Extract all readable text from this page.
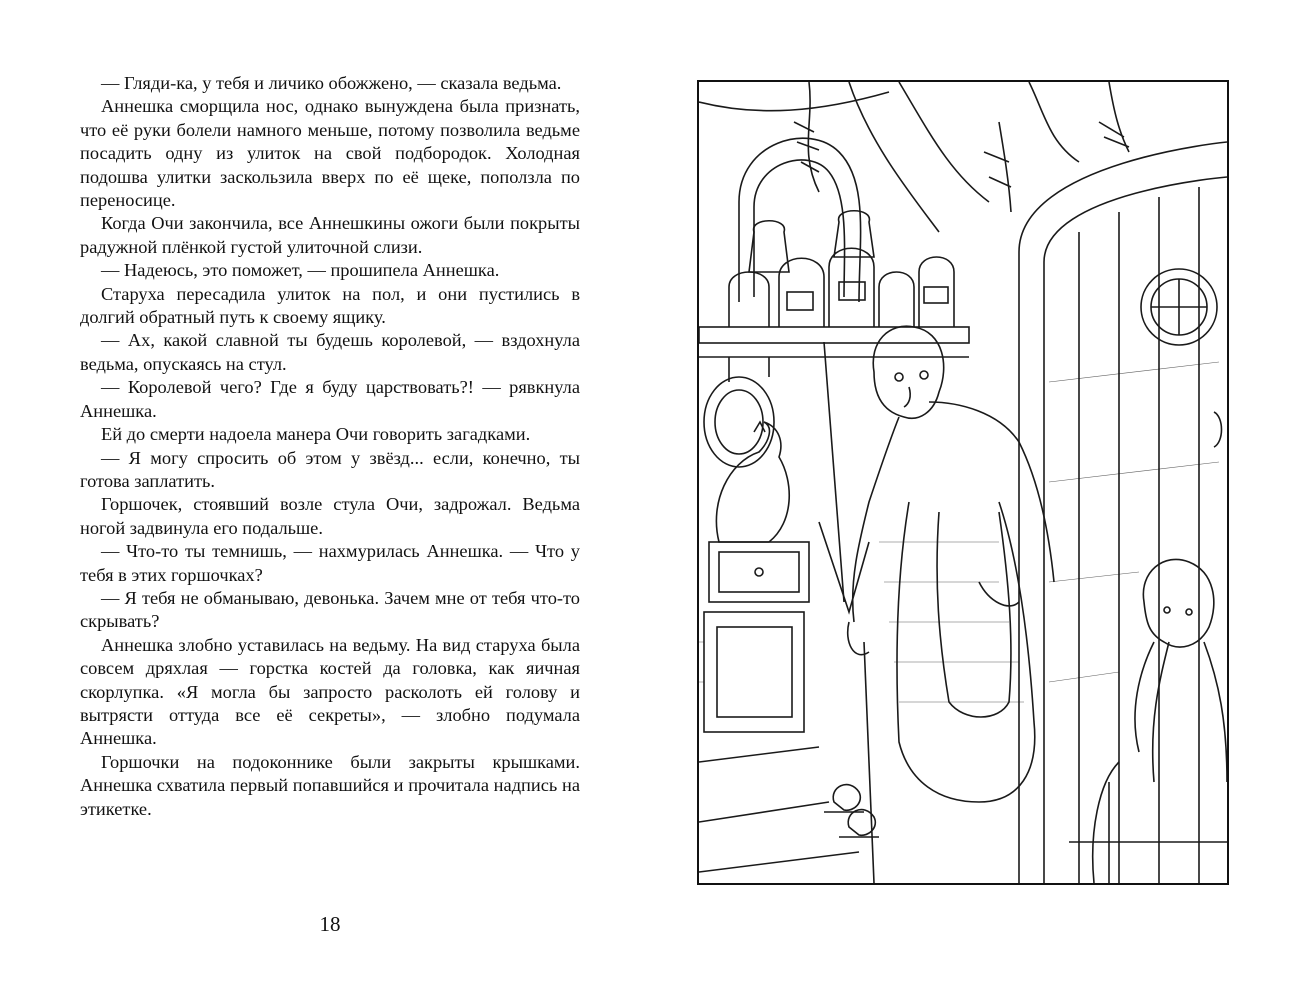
— Гляди-ка, у тебя и личико обожжено, — сказала ведьма.

Аннешка сморщила нос, однако вынуждена была признать, что её руки болели намного меньше, потому позволила ведьме посадить одну из улиток на свой подбородок. Холодная подошва улитки заскользила вверх по её щеке, поползла по переносице.

Когда Очи закончила, все Аннешкины ожоги были покрыты радужной плёнкой густой улиточной слизи.

— Надеюсь, это поможет, — прошипела Аннешка.

Старуха пересадила улиток на пол, и они пустились в долгий обратный путь к своему ящику.

— Ах, какой славной ты будешь королевой, — вздохнула ведьма, опускаясь на стул.

— Королевой чего? Где я буду царствовать?! — рявкнула Аннешка.

Ей до смерти надоела манера Очи говорить загадками.

— Я могу спросить об этом у звёзд... если, конечно, ты готова заплатить.

Горшочек, стоявший возле стула Очи, задрожал. Ведьма ногой задвинула его подальше.

— Что-то ты темнишь, — нахмурилась Аннешка. — Что у тебя в этих горшочках?

— Я тебя не обманываю, девонька. Зачем мне от тебя что-то скрывать?

Аннешка злобно уставилась на ведьму. На вид старуха была совсем дряхлая — горстка костей да головка, как яичная скорлупка. «Я могла бы запросто расколоть ей голову и вытрясти оттуда все её секреты», — злобно подумала Аннешка.

Горшочки на подоконнике были закрыты крышками. Аннешка схватила первый попавшийся и прочитала надпись на этикетке.

18
